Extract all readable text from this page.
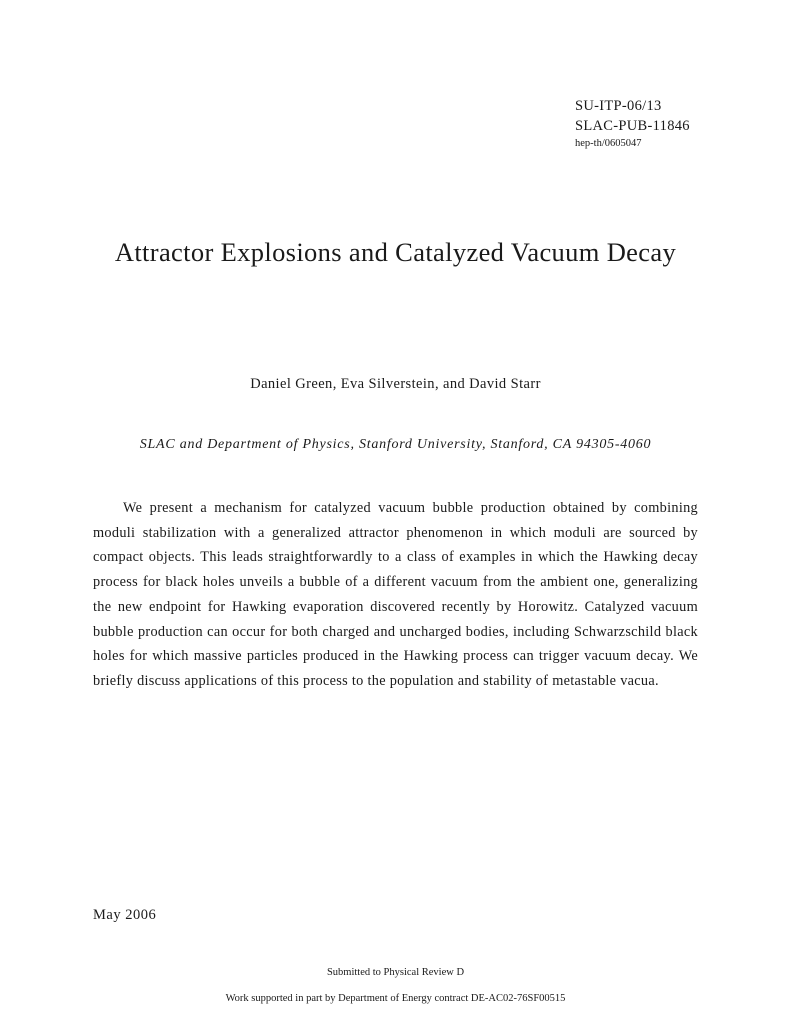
SU-ITP-06/13
SLAC-PUB-11846
hep-th/0605047
Attractor Explosions and Catalyzed Vacuum Decay
Daniel Green, Eva Silverstein, and David Starr
SLAC and Department of Physics, Stanford University, Stanford, CA 94305-4060

We present a mechanism for catalyzed vacuum bubble production obtained by combining moduli stabilization with a generalized attractor phenomenon in which moduli are sourced by compact objects. This leads straightforwardly to a class of examples in which the Hawking decay process for black holes unveils a bubble of a different vacuum from the ambient one, generalizing the new endpoint for Hawking evaporation discovered recently by Horowitz. Catalyzed vacuum bubble production can occur for both charged and uncharged bodies, including Schwarzschild black holes for which massive particles produced in the Hawking process can trigger vacuum decay. We briefly discuss applications of this process to the population and stability of metastable vacua.

May 2006
Submitted to Physical Review D
Work supported in part by Department of Energy contract DE-AC02-76SF00515
